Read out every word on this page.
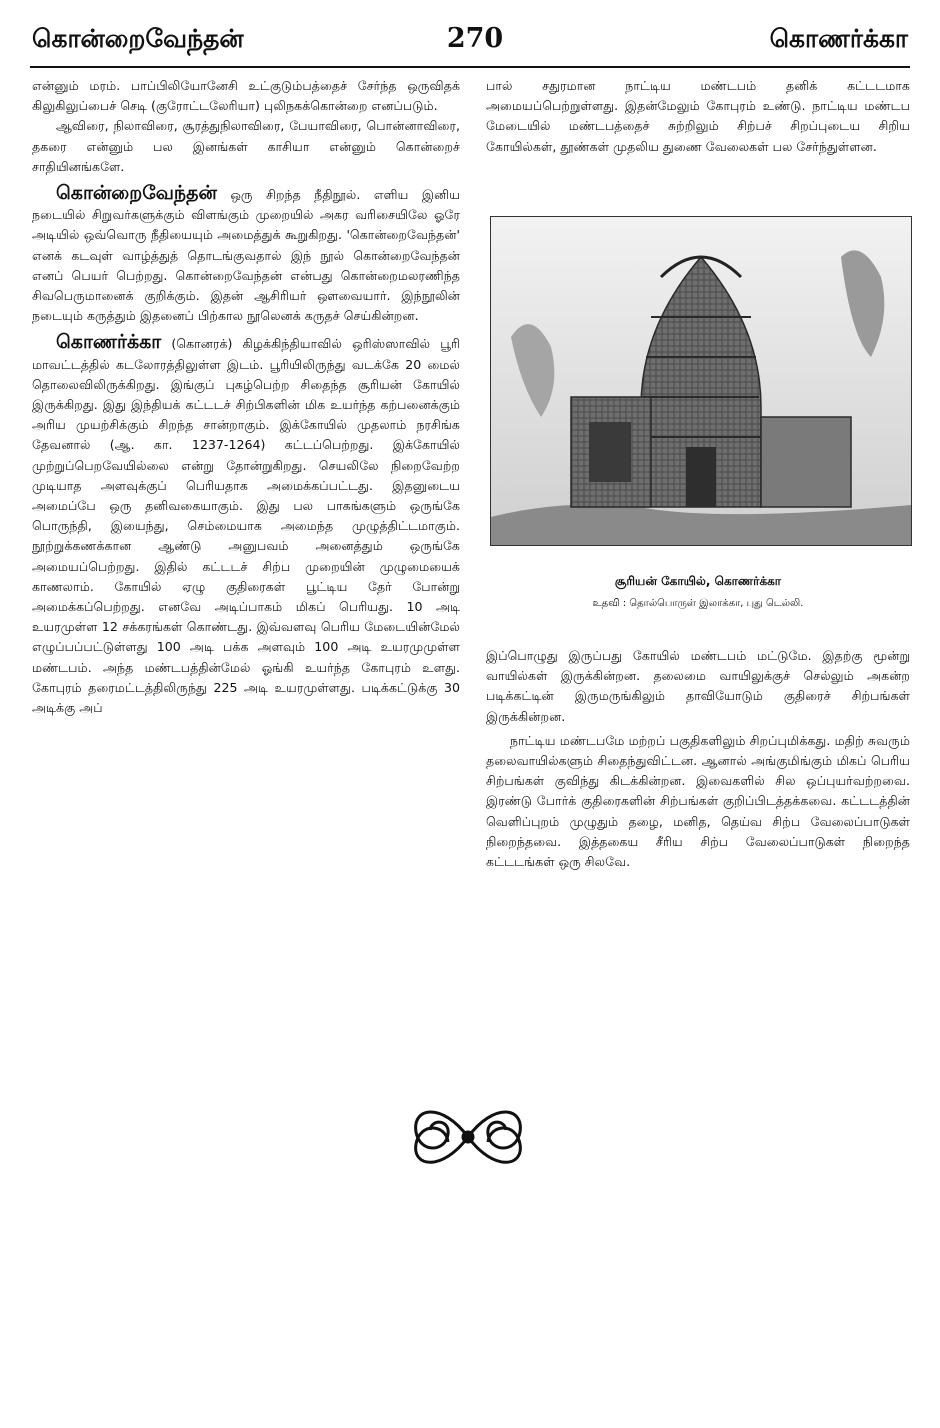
கொன்றைவேந்தன்	270	கொணர்க்கா

என்னும் மரம். பாப்பிலியோனேசி உட்குடும்பத்தைச் சேர்ந்த ஒருவிதக் கிலுகிலுப்பைச் செடி (குரோட்டலேரியா) புலிநகக்கொன்றை எனப்படும்.

ஆவிரை, நிலாவிரை, சூரத்துநிலாவிரை, பேயாவிரை, பொன்னாவிரை, தகரை என்னும் பல இனங்கள் காசியா என்னும் கொன்றைச் சாதியினங்களே.

கொன்றைவேந்தன் ஒரு சிறந்த நீதிநூல். எளிய இனிய நடையில் சிறுவர்களுக்கும் விளங்கும் முறையில் அகர வரிசையிலே ஓரே அடியில் ஒவ்வொரு நீதியையும் அமைத்துக் கூறுகிறது. 'கொன்றைவேந்தன்' எனக் கடவுள் வாழ்த்துத் தொடங்குவதால் இந் நூல் கொன்றைவேந்தன் எனப் பெயர் பெற்றது. கொன்றைவேந்தன் என்பது கொன்றைமலரணிந்த சிவபெருமானைக் குறிக்கும். இதன் ஆசிரியர் ஔவையார். இந்நூலின் நடையும் கருத்தும் இதனைப் பிற்கால நூலெனக் கருதச் செய்கின்றன.

கொணர்க்கா (கொனரக்) கிழக்கிந்தியாவில் ஒரிஸ்ஸாவில் பூரி மாவட்டத்தில் கடலோரத்திலுள்ள இடம். பூரியிலிருந்து வடக்கே 20 மைல் தொலைவிலிருக்கிறது. இங்குப் புகழ்பெற்ற சிதைந்த சூரியன் கோயில் இருக்கிறது. இது இந்தியக் கட்டடச் சிற்பிகளின் மிக உயர்ந்த கற்பனைக்கும் அரிய முயற்சிக்கும் சிறந்த சான்றாகும். இக்கோயில் முதலாம் நரசிங்க தேவனால் (ஆ. கா. 1237-1264) கட்டப்பெற்றது. இக்கோயில் முற்றுப்பெறவேயில்லை என்று தோன்றுகிறது. செயலிலே நிறைவேற்ற முடியாத அளவுக்குப் பெரியதாக அமைக்கப்பட்டது. இதனுடைய அமைப்பே ஒரு தனிவகையாகும். இது பல பாகங்களும் ஒருங்கே பொருந்தி, இயைந்து, செம்மையாக அமைந்த முழுத்திட்டமாகும். நூற்றுக்கணக்கான ஆண்டு அனுபவம் அனைத்தும் ஒருங்கே அமையப்பெற்றது. இதில் கட்டடச் சிற்ப முறையின் முழுமையைக் காணலாம். கோயில் ஏழு குதிரைகள் பூட்டிய தேர் போன்று அமைக்கப்பெற்றது. எனவே அடிப்பாகம் மிகப் பெரியது. 10 அடி உயரமுள்ள 12 சக்கரங்கள் கொண்டது. இவ்வளவு பெரிய மேடையின்மேல் எழுப்பப்பட்டுள்ளது 100 அடி பக்க அளவும் 100 அடி உயரமுமுள்ள மண்டபம். அந்த மண்டபத்தின்மேல் ஓங்கி உயர்ந்த கோபுரம் உளது. கோபுரம் தரைமட்டத்திலிருந்து 225 அடி உயரமுள்ளது. படிக்கட்டுக்கு 30 அடிக்கு அப்

பால் சதுரமான நாட்டிய மண்டபம் தனிக் கட்டடமாக அமையப்பெற்றுள்ளது. இதன்மேலும் கோபுரம் உண்டு. நாட்டிய மண்டப மேடையில் மண்டபத்தைச் சுற்றிலும் சிற்பச் சிறப்புடைய சிறிய கோயில்கள், தூண்கள் முதலிய துணை வேலைகள் பல சேர்ந்துள்ளன.

சூரியன் கோயில், கொணர்க்கா
உதவி : தொல்பொருள் இலாக்கா, புது டெல்லி.

இப்பொழுது இருப்பது கோயில் மண்டபம் மட்டுமே. இதற்கு மூன்று வாயில்கள் இருக்கின்றன. தலைமை வாயிலுக்குச் செல்லும் அகன்ற படிக்கட்டின் இருமருங்கிலும் தாவியோடும் குதிரைச் சிற்பங்கள் இருக்கின்றன.

நாட்டிய மண்டபமே மற்றப் பகுதிகளிலும் சிறப்புமிக்கது. மதிற் சுவரும் தலைவாயில்களும் சிதைந்துவிட்டன. ஆனால் அங்குமிங்கும் மிகப் பெரிய சிற்பங்கள் குவிந்து கிடக்கின்றன. இவைகளில் சில ஒப்புயர்வற்றவை. இரண்டு போர்க் குதிரைகளின் சிற்பங்கள் குறிப்பிடத்தக்கவை. கட்டடத்தின் வெளிப்புறம் முழுதும் தழை, மனித, தெய்வ சிற்ப வேலைப்பாடுகள் நிறைந்தவை. இத்தகைய சீரிய சிற்ப வேலைப்பாடுகள் நிறைந்த கட்டடங்கள் ஒரு சிலவே.
